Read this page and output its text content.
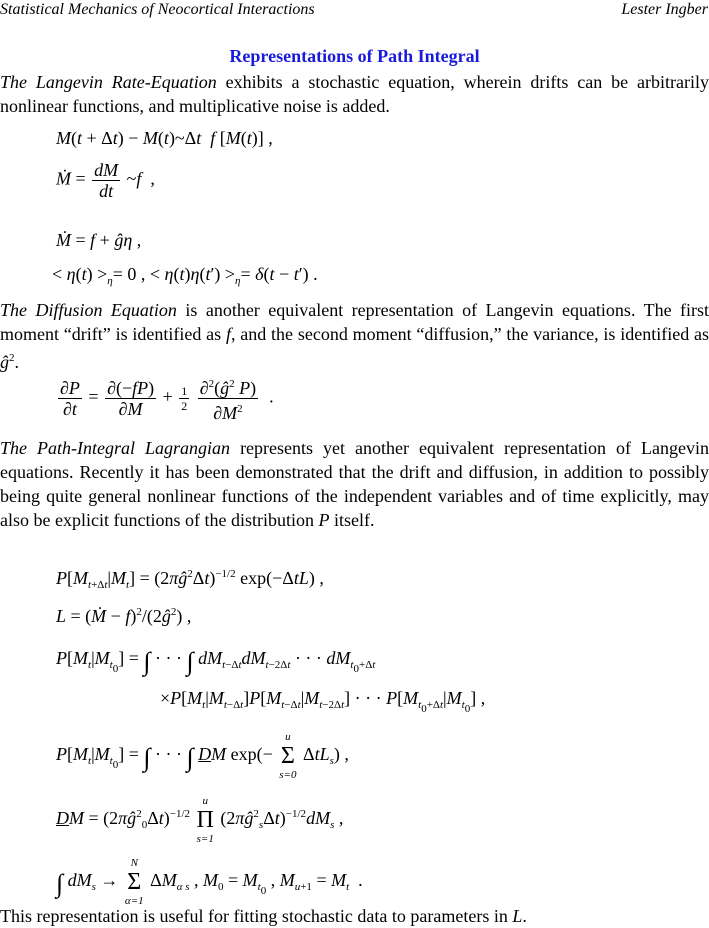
Statistical Mechanics of Neocortical Interactions	Lester Ingber
Representations of Path Integral
The Langevin Rate-Equation exhibits a stochastic equation, wherein drifts can be arbitrarily nonlinear functions, and multiplicative noise is added.
M(t + Δt) − M(t)~Δt f [M(t)] ,
Ṁ = $\frac{dM}{dt}$ ~f  ,
Ṁ = f + ĝη ,
< $\eta(t) >_\eta= 0$ , < $\eta(t)\eta(t') >_\eta= \delta(t - t')$ .
The Diffusion Equation is another equivalent representation of Langevin equations. The first moment “drift” is identified as f, and the second moment “diffusion,” the variance, is identified as $ĝ^2$.
$\frac{\partial P}{\partial t} = \frac{\partial(-fP)}{\partial M} + \frac{1}{2}$
$\frac{\partial^2(ĝ^2 P)}{\partial M^2}$ .
The Path-Integral Lagrangian represents yet another equivalent representation of Langevin equations. Recently it has been demonstrated that the drift and diffusion, in addition to possibly being quite general nonlinear functions of the independent variables and of time explicitly, may also be explicit functions of the distribution P itself.
$P[M_{t+\Delta t}|M_t]$ = $(2\pi ĝ^2\Delta t)^{-1/2}$ exp(−ΔtL) ,
L = (Ṁ − $f)^2/(2ĝ^2)$ ,
$P[M_t|M_{t_0}]$ = ∫ · · · ∫ $dM_{t-\Delta t}dM_{t-2\Delta t}$ · · · $dM_{t_0+\Delta t}$
$\times P[M_t|M_{t-\Delta t}]P[M_{t-\Delta t}|M_{t-2\Delta t}]$ · · · $P[M_{t_0+\Delta t}|M_{t_0}]$ ,
$P[M_t|M_{t_0}]$ = ∫ · · · ∫ DM exp(−
u
Σ
s=0
ΔtL$_s$) ,
DM = $(2\pi ĝ^2_0\Delta t)^{-1/2}$
u
Π
s=1
$(2\pi ĝ^2_s\Delta t)^{-1/2}dM_s$ ,
∫ $dM_s$ →
N
Σ
α=1
$\Delta M_{\alpha s}$ , $M_0 = M_{t_0}$ , $M_{u+1} = M_t$  .
This representation is useful for fitting stochastic data to parameters in L.
